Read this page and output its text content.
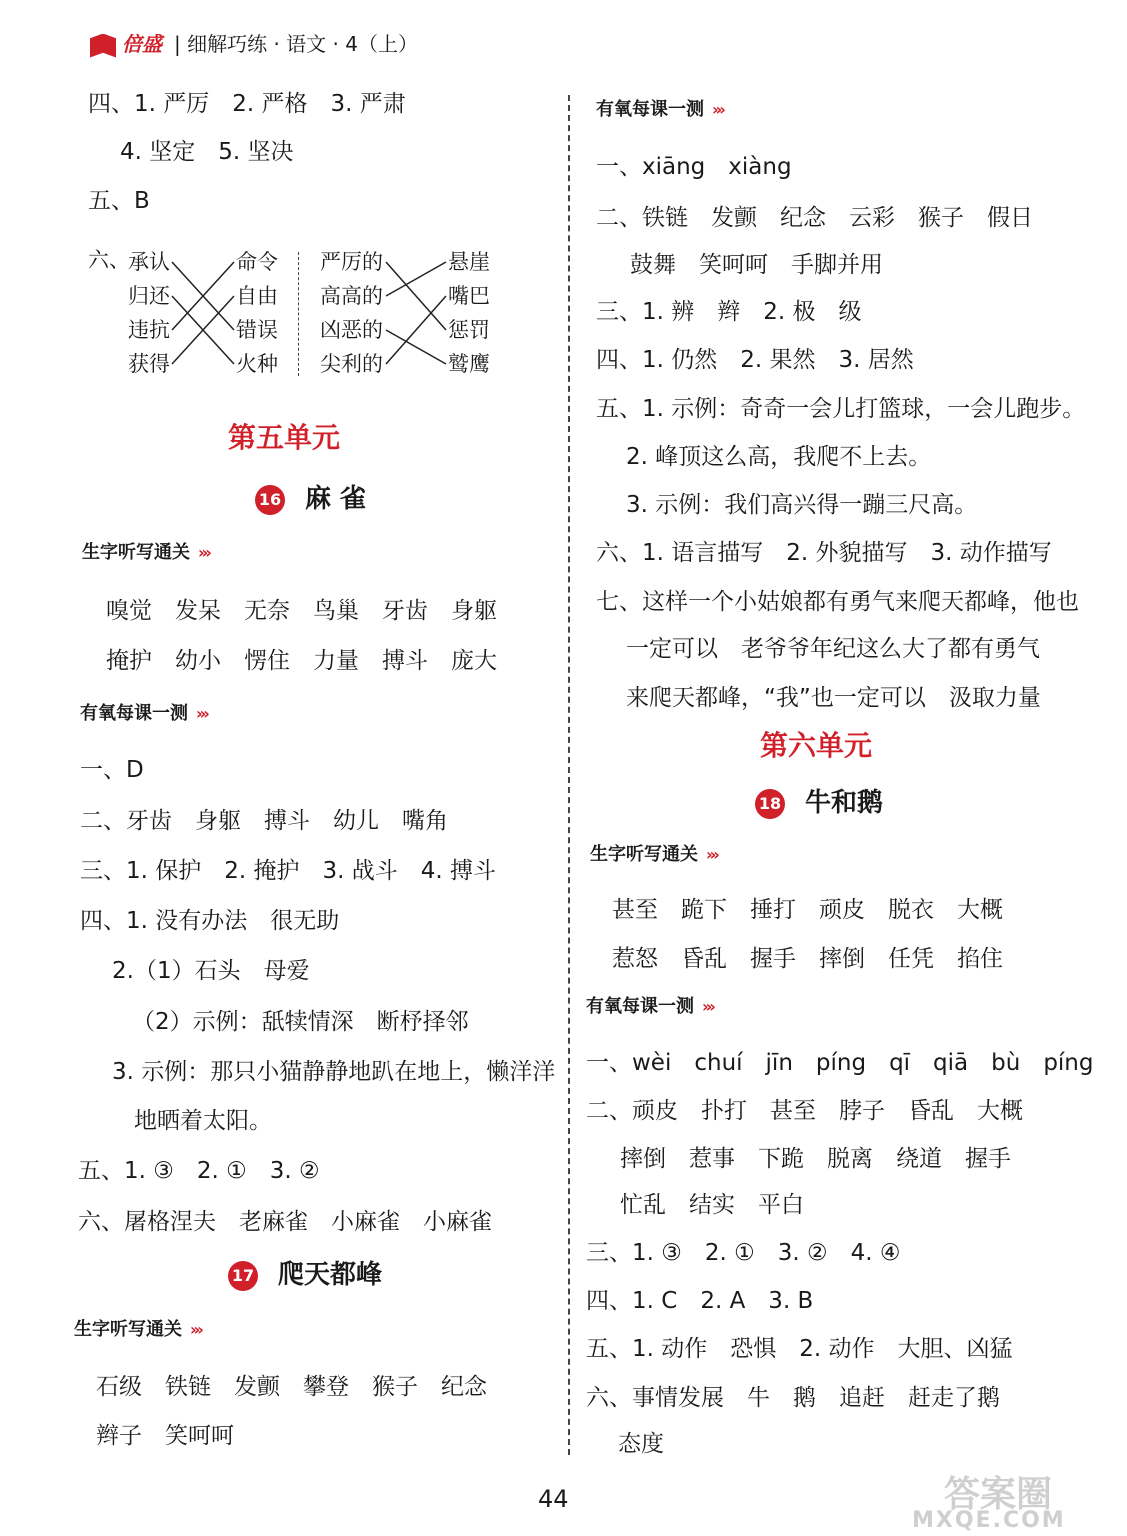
倍盛 | 细解巧练 · 语文 · 4（上）
四、1. 严厉　2. 严格　3. 严肃
4. 坚定　5. 坚决
五、B
六、
承认
归还
违抗
获得
命令
自由
错误
火种
严厉的
高高的
凶恶的
尖利的
悬崖
嘴巴
惩罚
鹫鹰
第五单元
16 麻 雀
生字听写通关 ›››
嗅觉　发呆　无奈　鸟巢　牙齿　身躯
掩护　幼小　愣住　力量　搏斗　庞大
有氧每课一测 ›››
一、D
二、牙齿　身躯　搏斗　幼儿　嘴角
三、1. 保护　2. 掩护　3. 战斗　4. 搏斗
四、1. 没有办法　很无助
2.（1）石头　母爱
（2）示例：舐犊情深　断杼择邻
3. 示例：那只小猫静静地趴在地上，懒洋洋
地晒着太阳。
五、1. ③　2. ①　3. ②
六、屠格涅夫　老麻雀　小麻雀　小麻雀
17 爬天都峰
生字听写通关 ›››
石级　铁链　发颤　攀登　猴子　纪念
辫子　笑呵呵
有氧每课一测 ›››
一、xiāng　xiàng
二、铁链　发颤　纪念　云彩　猴子　假日
鼓舞　笑呵呵　手脚并用
三、1. 辨　辫　2. 极　级
四、1. 仍然　2. 果然　3. 居然
五、1. 示例：奇奇一会儿打篮球，一会儿跑步。
2. 峰顶这么高，我爬不上去。
3. 示例：我们高兴得一蹦三尺高。
六、1. 语言描写　2. 外貌描写　3. 动作描写
七、这样一个小姑娘都有勇气来爬天都峰，他也
一定可以　老爷爷年纪这么大了都有勇气
来爬天都峰，“我”也一定可以　汲取力量
第六单元
18 牛和鹅
生字听写通关 ›››
甚至　跪下　捶打　顽皮　脱衣　大概
惹怒　昏乱　握手　摔倒　任凭　掐住
有氧每课一测 ›››
一、wèi　chuí　jīn　píng　qī　qiā　bù　píng
二、顽皮　扑打　甚至　脖子　昏乱　大概
摔倒　惹事　下跪　脱离　绕道　握手
忙乱　结实　平白
三、1. ③　2. ①　3. ②　4. ④
四、1. C　2. A　3. B
五、1. 动作　恐惧　2. 动作　大胆、凶猛
六、事情发展　牛　鹅　追赶　赶走了鹅
态度
44	答案圈
MXQE.COM
